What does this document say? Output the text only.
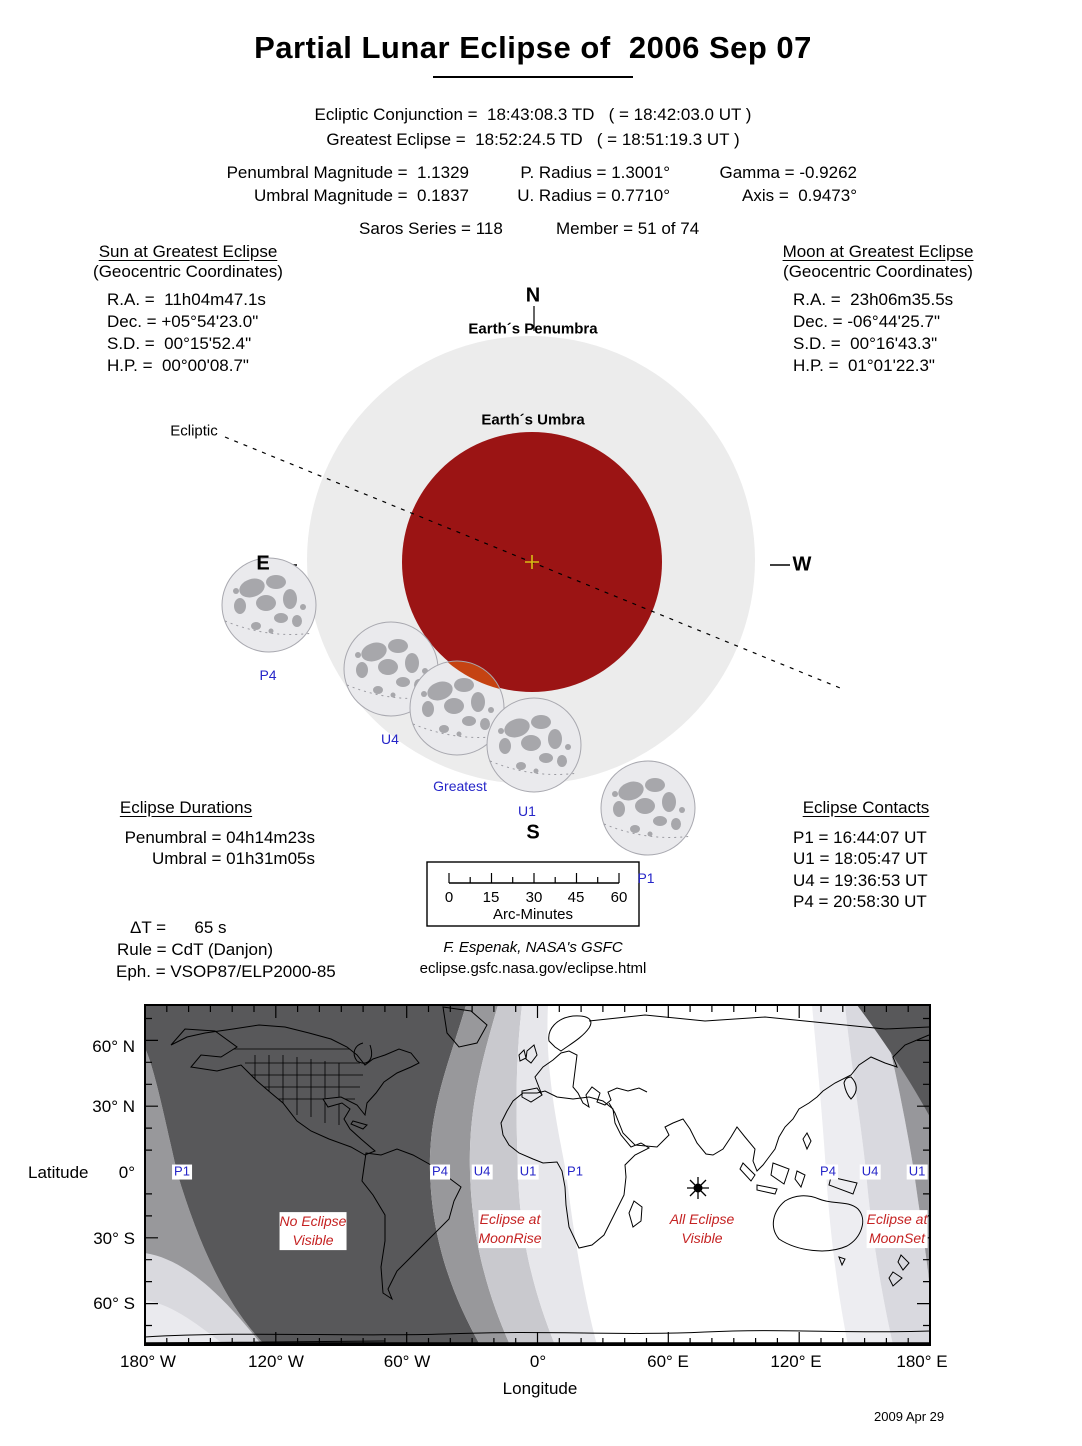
Partial Lunar Eclipse of  2006 Sep 07
Ecliptic Conjunction =  18:43:08.3 TD   ( = 18:42:03.0 UT )
Greatest Eclipse =  18:52:24.5 TD   ( = 18:51:19.3 UT )
Penumbral Magnitude =  1.1329	P. Radius = 1.3001°	Gamma = -0.9262
Umbral Magnitude =  0.1837	U. Radius = 0.7710°	Axis =  0.9473°
Saros Series = 118	Member = 51 of 74
Sun at Greatest Eclipse
(Geocentric Coordinates)
R.A. =  11h04m47.1s
Dec. = +05°54'23.0"
S.D. =  00°15'52.4"
H.P. =  00°00'08.7"
Moon at Greatest Eclipse
(Geocentric Coordinates)
R.A. =  23h06m35.5s
Dec. = -06°44'25.7"
S.D. =  00°16'43.3"
H.P. =  01°01'22.3"
N
Earth´s Penumbra
Earth´s Umbra
Ecliptic
E	W
S
P4
U4
Greatest
U1
P1
Eclipse Durations
Penumbral = 04h14m23s
Umbral = 01h31m05s
Eclipse Contacts
P1 = 16:44:07 UT
U1 = 18:05:47 UT
U4 = 19:36:53 UT
P4 = 20:58:30 UT
0 15 30 45 60
Arc-Minutes
ΔT =      65 s
Rule = CdT (Danjon)
Eph. = VSOP87/ELP2000-85
F. Espenak, NASA's GSFC
eclipse.gsfc.nasa.gov/eclipse.html
Latitude
60° N
30° N
0°
30° S
60° S
180° W	120° W	60° W	0°	60° E	120° E	180° E
Longitude
P1	P4 U4 U1 P1	P4 U4 U1
No Eclipse
Visible
Eclipse at
MoonRise
All Eclipse
Visible
Eclipse at
MoonSet
2009 Apr 29
